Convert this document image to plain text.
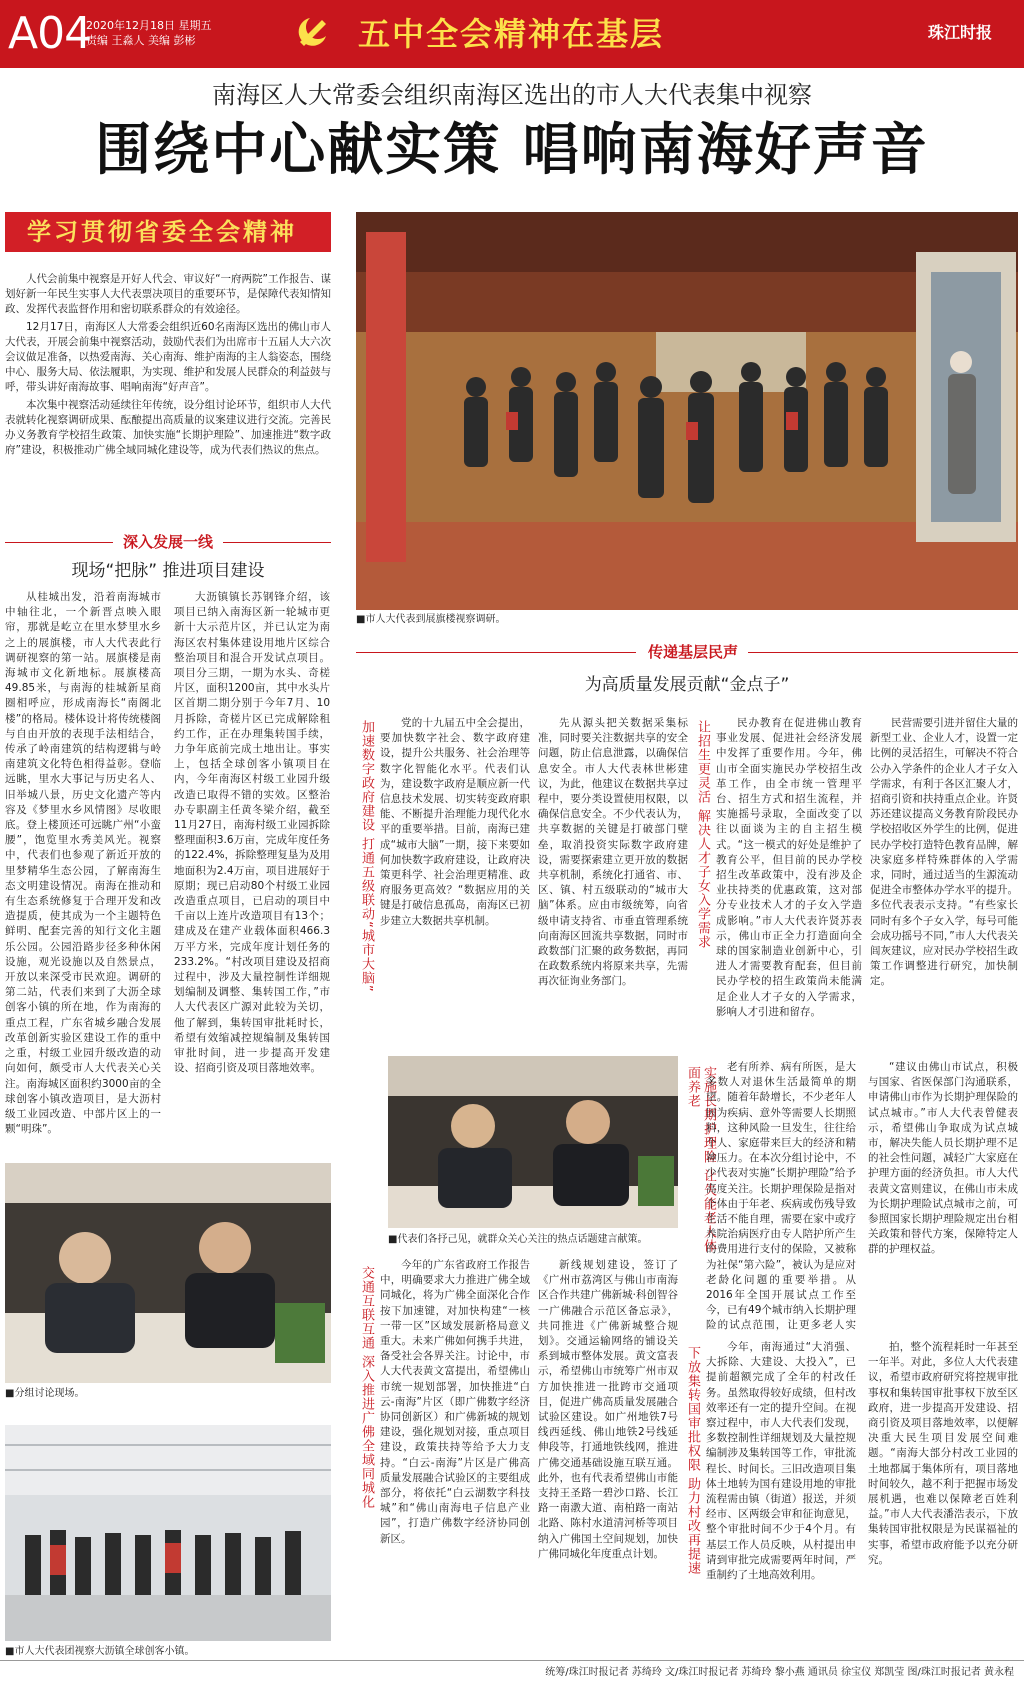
A04
2020年12月18日 星期五
责编 王淼人 美编 彭彬	五中全会精神在基层	珠江时报
南海区人大常委会组织南海区选出的市人大代表集中视察
围绕中心献实策 唱响南海好声音
学习贯彻省委全会精神

人代会前集中视察是开好人代会、审议好“一府两院”工作报告、谋划好新一年民生实事人大代表票决项目的重要环节，是保障代表知情知政、发挥代表监督作用和密切联系群众的有效途径。

12月17日，南海区人大常委会组织近60名南海区选出的佛山市人大代表，开展会前集中视察活动，鼓励代表们为出席市十五届人大六次会议做足准备，以热爱南海、关心南海、维护南海的主人翁姿态，围绕中心、服务大局、依法履职，为实现、维护和发展人民群众的利益鼓与呼，带头讲好南海故事、唱响南海“好声音”。

本次集中视察活动延续往年传统，设分组讨论环节，组织市人大代表就转化视察调研成果、酝酿提出高质量的议案建议进行交流。完善民办义务教育学校招生政策、加快实施“长期护理险”、加速推进“数字政府”建设，积极推动广佛全域同城化建设等，成为代表们热议的焦点。

■市人大代表到展旗楼视察调研。
深入发展一线
现场“把脉” 推进项目建设

从桂城出发，沿着南海城市中轴往北，一个新晋点映入眼帘，那就是屹立在里水梦里水乡之上的展旗楼，市人大代表此行调研视察的第一站。展旗楼是南海城市文化新地标。展旗楼高49.85米，与南海的桂城新星商圈相呼应，形成南海长“南阁北楼”的格局。楼体设计将传统楼阁与自由开放的表现手法相结合，传承了岭南建筑的结构逻辑与岭南建筑文化特色相得益彰。登临远眺，里水大事记与历史名人、旧举城八景，历史文化遗产等内容及《梦里水乡风情图》尽收眼底。登上楼顶还可远眺广州“小蛮腰”，饱览里水秀美风光。视察中，代表们也参观了新近开放的里梦精华生态公园，了解南海生态文明建设情况。南海在推动和有生态系统修复于合理开发和改造提质，使其成为一个主题特色鲜明、配套完善的知行文化主题乐公园。公园沿路步径多种休闲设施，观光设施以及自然景点，开放以来深受市民欢迎。调研的第二站，代表们来到了大沥全球创客小镇的所在地，作为南海的重点工程，广东省城乡融合发展改革创新实验区建设工作的重中之重，村级工业园升级改造的动向如何，颇受市人大代表关心关注。南海城区面积约3000亩的全球创客小镇改造项目，是大沥村级工业园改造、中部片区上的一颗“明珠”。

大沥镇镇长苏钢锋介绍，该项目已纳入南海区新一轮城市更新十大示范片区，并已认定为南海区农村集体建设用地片区综合整治项目和混合开发试点项目。项目分三期，一期为水头、奇槎片区，面积1200亩，其中水头片区首期二期分别于今年7月、10月拆除，奇槎片区已完成解除租约工作，正在办理集转国手续，力争年底前完成土地出让。事实上，包括全球创客小镇项目在内，今年南海区村级工业园升级改造已取得不错的实效。区整治办专职副主任黄冬梁介绍，截至11月27日，南海村级工业园拆除整理面积3.6万亩，完成年度任务的122.4%，拆除整理复垦为及用地面积为2.4万亩，项目进展好于原期；现已启动80个村级工业园改造重点项目，已启动的项目中千亩以上连片改造项目有13个；建成及在建产业载体面积466.3万平方米，完成年度计划任务的233.2%。“村改项目建设及招商过程中，涉及大量控制性详细规划编制及调整、集转国工作，”市人大代表区广源对此较为关切，他了解到，集转国审批耗时长，希望有效缩减控规编制及集转国审批时间，进一步提高开发建设、招商引资及项目落地效率。

■分组讨论现场。
■市人大代表团视察大沥镇全球创客小镇。
传递基层民声
为高质量发展贡献“金点子”
加速数字政府建设 打通五级联动“城市大脑”	党的十九届五中全会提出，要加快数字社会、数字政府建设，提升公共服务、社会治理等数字化智能化水平。代表们认为，建设数字政府是顺应新一代信息技术发展、切实转变政府职能、不断提升治理能力现代化水平的重要举措。目前，南海已建成“城市大脑”一期，接下来要如何加快数字政府建设，让政府决策更科学、社会治理更精准、政府服务更高效？“数据应用的关键是打破信息孤岛，南海区已初步建立大数据共享机制。

先从源头把关数据采集标准，同时要关注数据共享的安全问题，防止信息泄露，以确保信息安全。市人大代表林世彬建议，为此，他建议在数据共享过程中，要分类设置使用权限，以确保信息安全。不少代表认为，共享数据的关键是打破部门壁垒，取消投资实际数字政府建设，需要探索建立更开放的数据共享机制，系统化打通省、市、区、镇、村五级联动的“城市大脑”体系。应由市级统筹，向省级申请支持省、市垂直管理系统向南海区回流共享数据，同时市政数部门汇聚的政务数据，再同在政数系统内将原来共享，先需再次征询业务部门。

让招生更灵活 解决人才子女入学需求	民办教育在促进佛山教育事业发展、促进社会经济发展中发挥了重要作用。今年，佛山市全面实施民办学校招生改革工作，由全市统一管理平台、招生方式和招生流程，并实施摇号录取，全面改变了以往以面谈为主的自主招生模式。“这一模式的好处是维护了教育公平，但目前的民办学校招生改革政策中，没有涉及企业扶持类的优惠政策，这对部分专业技术人才的子女入学造成影响。”市人大代表许贤苏表示，佛山市正全力打造面向全球的国家制造业创新中心，引进人才需要教育配套，但目前民办学校的招生政策尚未能满足企业人才子女的入学需求，影响人才引进和留存。

民营需要引进并留住大量的新型工业、企业人才，设置一定比例的灵活招生，可解决不符合公办入学条件的企业人才子女入学需求，有利于各区汇聚人才，招商引资和扶持重点企业。许贤苏还建议提高义务教育阶段民办学校招收区外学生的比例，促进民办学校打造特色教育品牌，解决家庭多样特殊群体的入学需求，同时，通过适当的生源流动促进全市整体办学水平的提升。多位代表表示支持。“有些家长同时有多个子女入学，每号可能会成功摇号不同，”市人大代表关闾灰建议，应对民办学校招生政策工作调整进行研究，加快制定。

■代表们各抒己见，就群众关心关注的热点话题建言献策。	实施长期护理险 让失能老人体面养老	老有所养、病有所医，是大多数人对退休生活最简单的期望。随着年龄增长，不少老年人因为疾病、意外等需要人长期照料，这种风险一旦发生，往往给个人、家庭带来巨大的经济和精神压力。在本次分组讨论中，不少代表对实施“长期护理险”给予高度关注。长期护理保险是指对个体由于年老、疾病或伤残导致生活不能自理，需要在家中或疗养院治病医疗由专人陪护所产生的费用进行支付的保险，又被称为社保“第六险”，被认为是应对老龄化问题的重要举措。从2016年全国开展试点工作至今，已有49个城市纳入长期护理险的试点范围，让更多老人实

“建议由佛山市试点，积极与国家、省医保部门沟通联系，申请佛山市作为长期护理保险的试点城市。”市人大代表曾健表示，希望佛山争取成为试点城市，解决失能人员长期护理不足的社会性问题，减轻广大家庭在护理方面的经济负担。市人大代表黄文富则建议，在佛山市未成为长期护理险试点城市之前，可参照国家长期护理险规定出台相关政策和替代方案，保障特定人群的护理权益。

交通互联互通 深入推进广佛全域同城化

今年的广东省政府工作报告中，明确要求大力推进广佛全域同城化，将为广佛全面深化合作按下加速键，对加快构建“一核一带一区”区域发展新格局意义重大。未来广佛如何携手共进，备受社会各界关注。讨论中，市人大代表黄文富提出，希望佛山市统一规划部署，加快推进“白云-南海”片区（即广佛数字经济协同创新区）和广佛新城的规划建设，强化规划对接，重点项目建设，政策扶持等给予大力支持。“白云-南海”片区是广佛高质量发展融合试验区的主要组成部分，将依托“白云湖数字科技城”和“佛山南海电子信息产业园”，打造广佛数字经济协同创新区。

新线规划建设，签订了《广州市荔湾区与佛山市南海区合作共建广佛新城·科创智谷一广佛融合示范区备忘录》，共同推进《广佛新城整合规划》。交通运输网络的铺设关系到城市整体发展。黄文富表示，希望佛山市统筹广州市双方加快推进一批跨市交通项目，促进广佛高质量发展融合试验区建设。如广州地铁7号线西延线、佛山地铁2号线延伸段等，打通地铁线网，推进广佛交通基础设施互联互通。此外，也有代表希望佛山市能支持王圣路一碧沙口路、长江路一南漖大道、南柏路一南站北路、陈村水道清河桥等项目纳入广佛国土空间规划，加快广佛同城化年度重点计划。	下放集转国审批权限 助力村改再提速	今年，南海通过“大消强、大拆除、大建设、大投入”，已提前超额完成了全年的村改任务。虽然取得较好成绩，但村改效率还有一定的提升空间。在视察过程中，市人大代表们发现，多数控制性详细规划及大量控规编制涉及集转国等工作，审批流程长、时间长。三旧改造项目集体土地转为国有建设用地的审批流程需由镇（街道）报送，并须经市、区两级会审和征询意见，整个审批时间不少于4个月。有基层工作人员反映，从村提出申请到审批完成需要两年时间，严重制约了土地高效利用。

拍，整个流程耗时一年甚至一年半。对此，多位人大代表建议，希望市政府研究将控规审批事权和集转国审批事权下放至区政府，进一步提高开发建设、招商引资及项目落地效率，以便解决重大民生项目发展空间难题。“南海大部分村改工业园的土地都属于集体所有，项目落地时间较久，越不利于把握市场发展机遇，也难以保障老百姓利益。”市人大代表潘浩表示，下放集转国审批权限是为民谋福祉的实事，希望市政府能予以充分研究。

统筹/珠江时报记者 苏绮玲 文/珠江时报记者 苏绮玲 黎小燕 通讯员 徐宝仪 郑凯莹 图/珠江时报记者 黄永程
